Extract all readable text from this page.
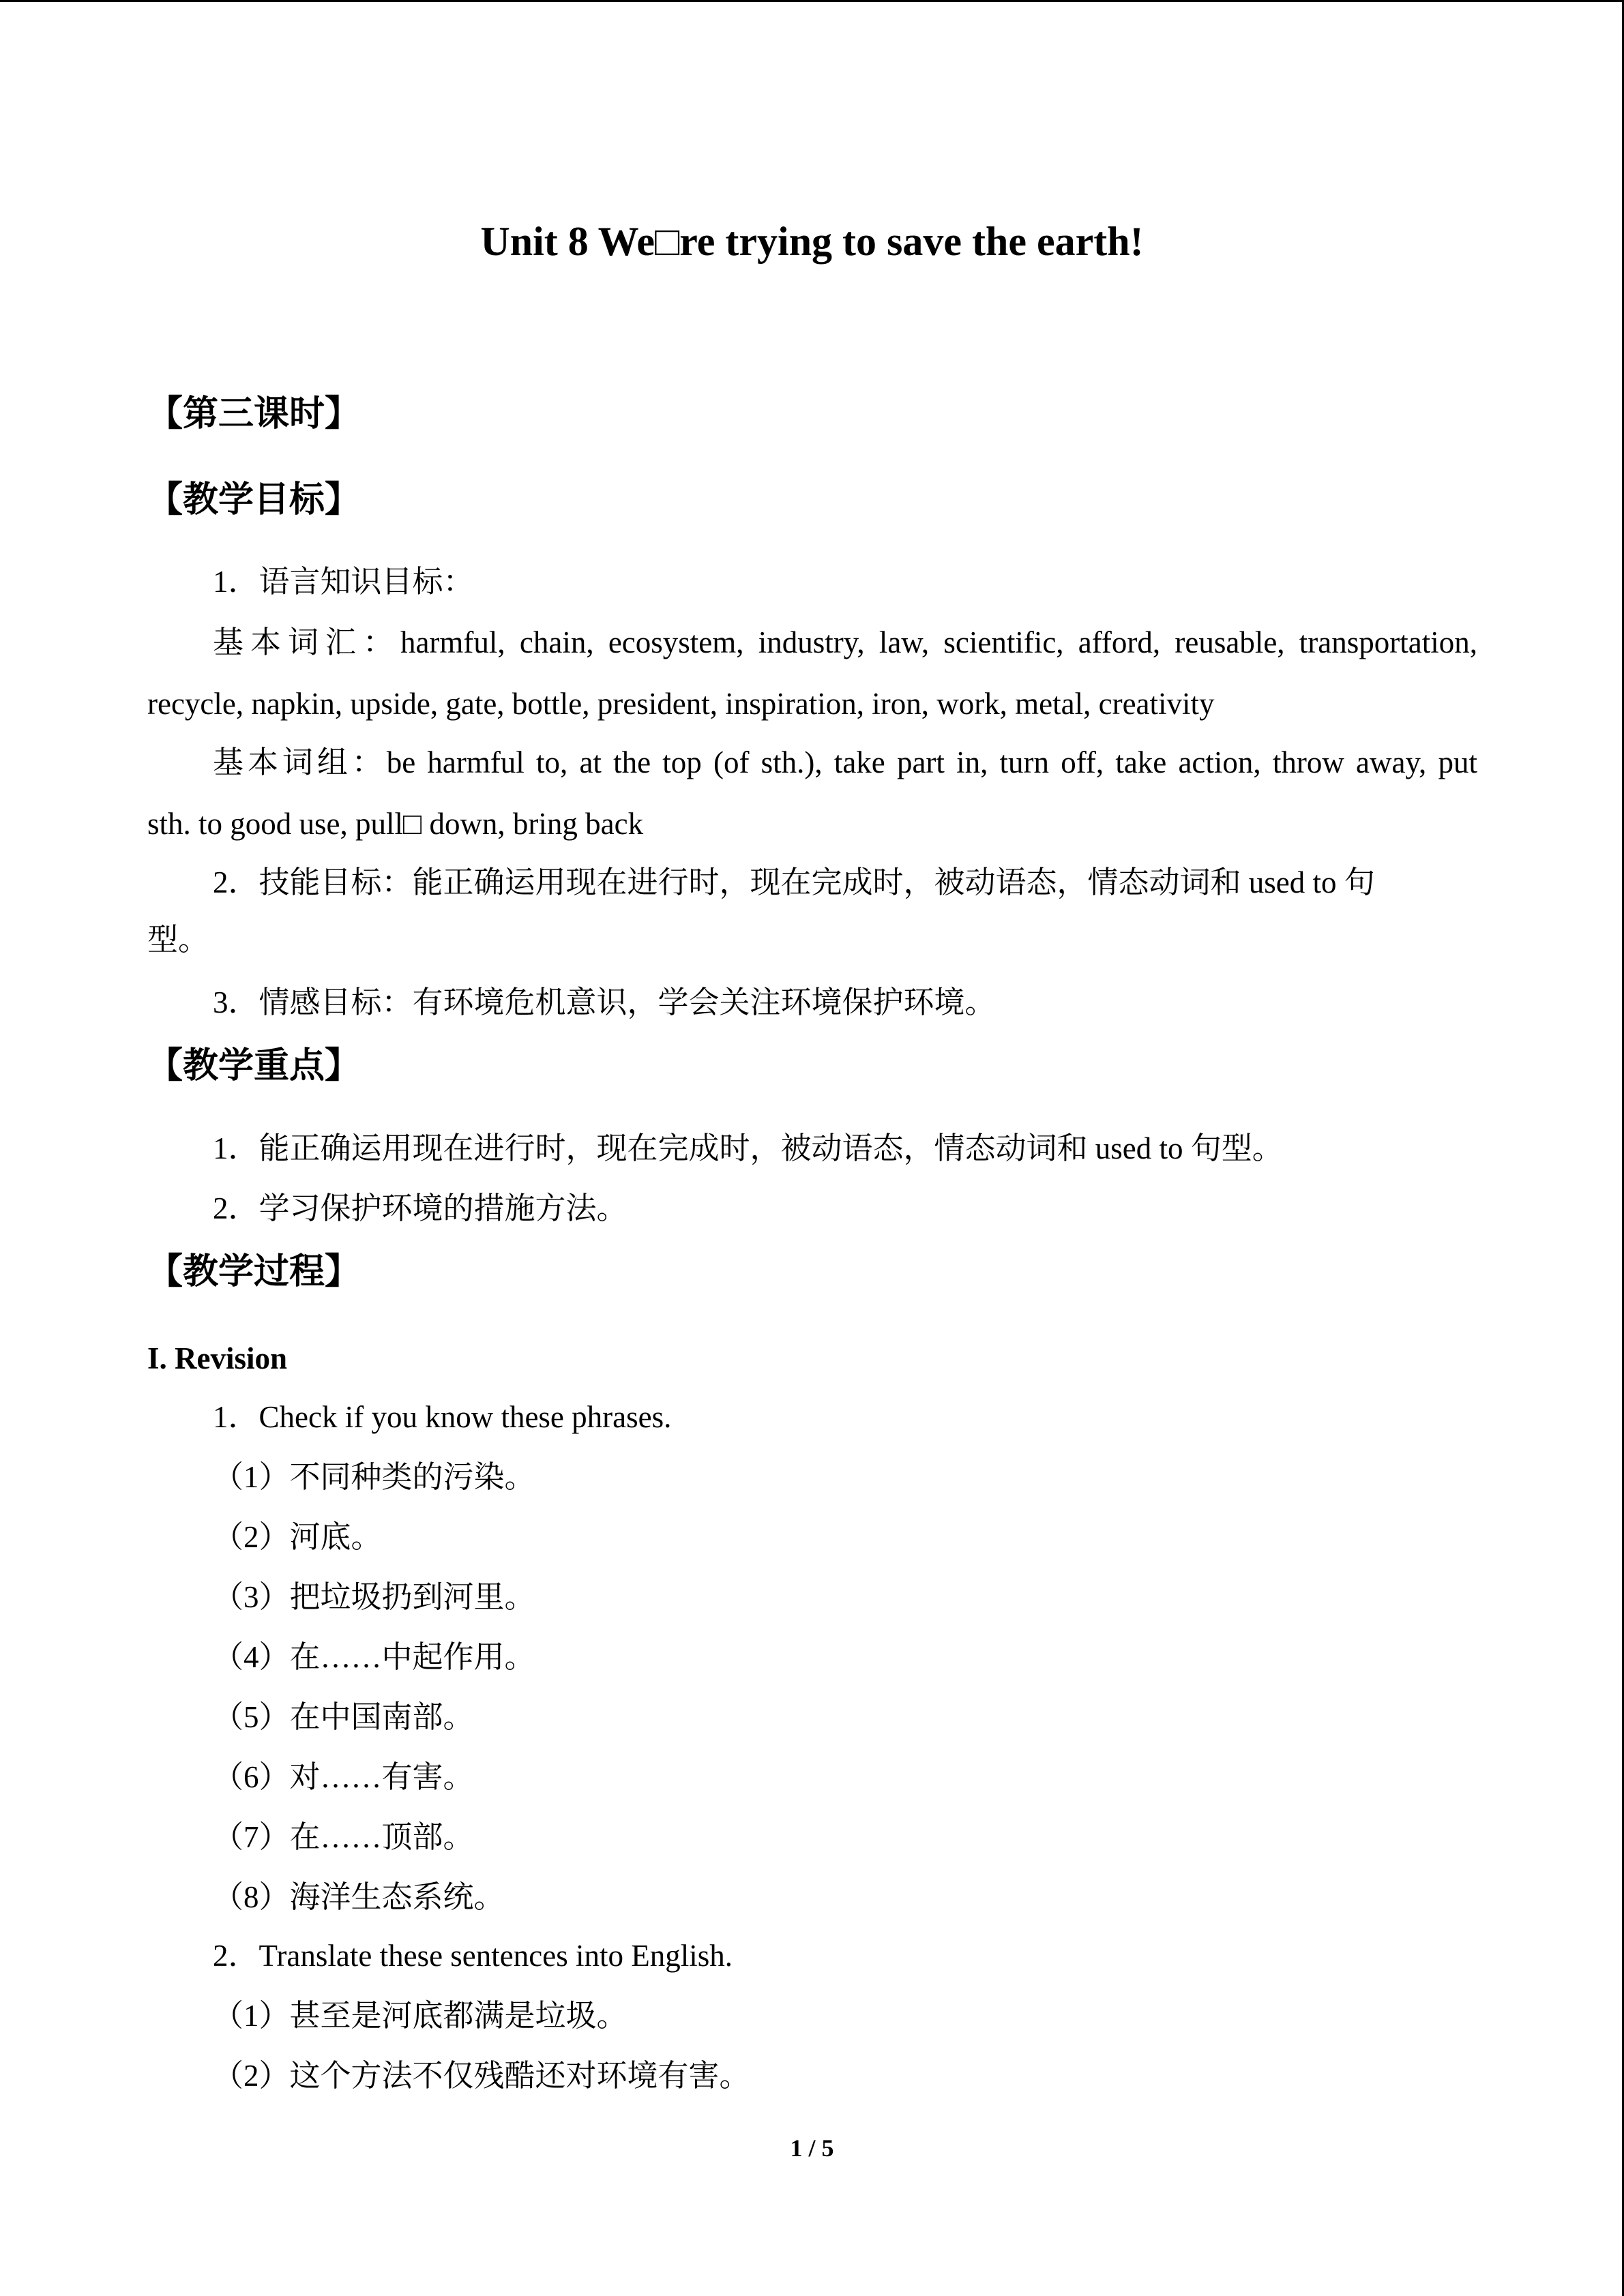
Unit 8 We□re trying to save the earth!
【第三课时】
【教学目标】
1．语言知识目标：
基本词汇：harmful, chain, ecosystem, industry, law, scientific, afford, reusable, transportation,
recycle, napkin, upside, gate, bottle, president, inspiration, iron, work, metal, creativity
基本词组：be harmful to, at the top (of sth.), take part in, turn off, take action, throw away, put
sth. to good use, pull□ down, bring back
2．技能目标：能正确运用现在进行时，现在完成时，被动语态，情态动词和 used to 句
型。
3．情感目标：有环境危机意识，学会关注环境保护环境。
【教学重点】
1．能正确运用现在进行时，现在完成时，被动语态，情态动词和 used to 句型。
2．学习保护环境的措施方法。
【教学过程】
I. Revision
1．Check if you know these phrases.
（1）不同种类的污染。
（2）河底。
（3）把垃圾扔到河里。
（4）在……中起作用。
（5）在中国南部。
（6）对……有害。
（7）在……顶部。
（8）海洋生态系统。
2．Translate these sentences into English.
（1）甚至是河底都满是垃圾。
（2）这个方法不仅残酷还对环境有害。
1 / 5
